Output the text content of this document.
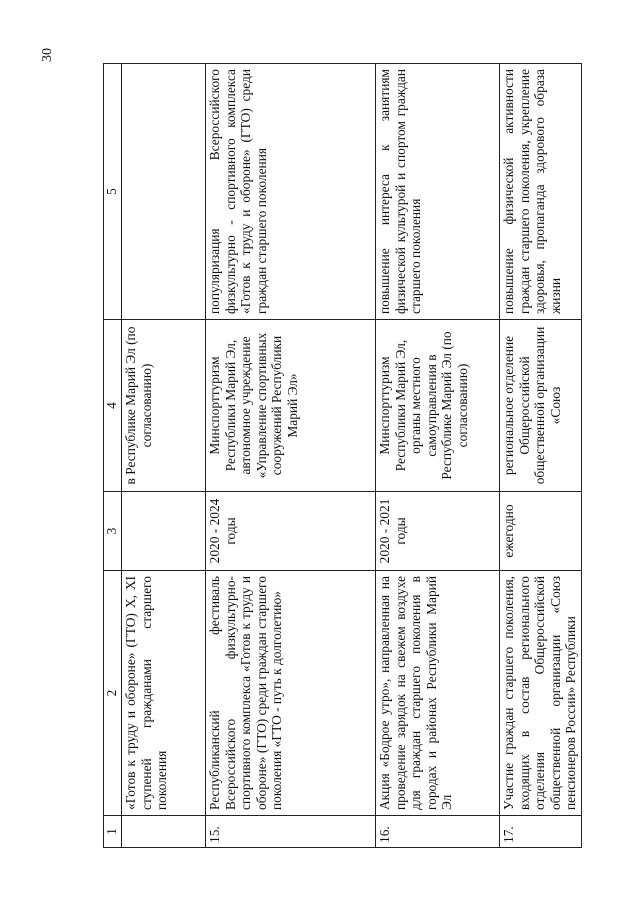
30
1	2	3	4	5
	«Готов к труду и обороне» (ГТО) X, XI ступеней гражданами старшего поколения		в Республике Марий Эл (по согласованию)	
15.	Республиканский фестиваль Всероссийского физкультурно-спортивного комплекса «Готов к труду и обороне» (ГТО) среди граждан старшего поколения «ГТО - путь к долголетию»	2020 - 2024 годы	Минспорттуризм Республики Марий Эл, автономное учреждение «Управление спортивных сооружений Республики Марий Эл»	популяризация Всероссийского физкультурно - спортивного комплекса «Готов к труду и обороне» (ГТО) среди граждан старшего поколения
16.	Акция «Бодрое утро», направленная на проведение зарядок на свежем воздухе для граждан старшего поколения в городах и районах Республики Марий Эл	2020 - 2021 годы	Минспорттуризм Республики Марий Эл, органы местного самоуправления в Республике Марий Эл (по согласованию)	повышение интереса к занятиям физической культурой и спортом граждан старшего поколения
17.	Участие граждан старшего поколения, входящих в состав регионального отделения Общероссийской общественной организации «Союз пенсионеров России» Республики	ежегодно	региональное отделение Общероссийской общественной организации «Союз	повышение физической активности граждан старшего поколения, укрепление здоровья, пропаганда здорового образа жизни
